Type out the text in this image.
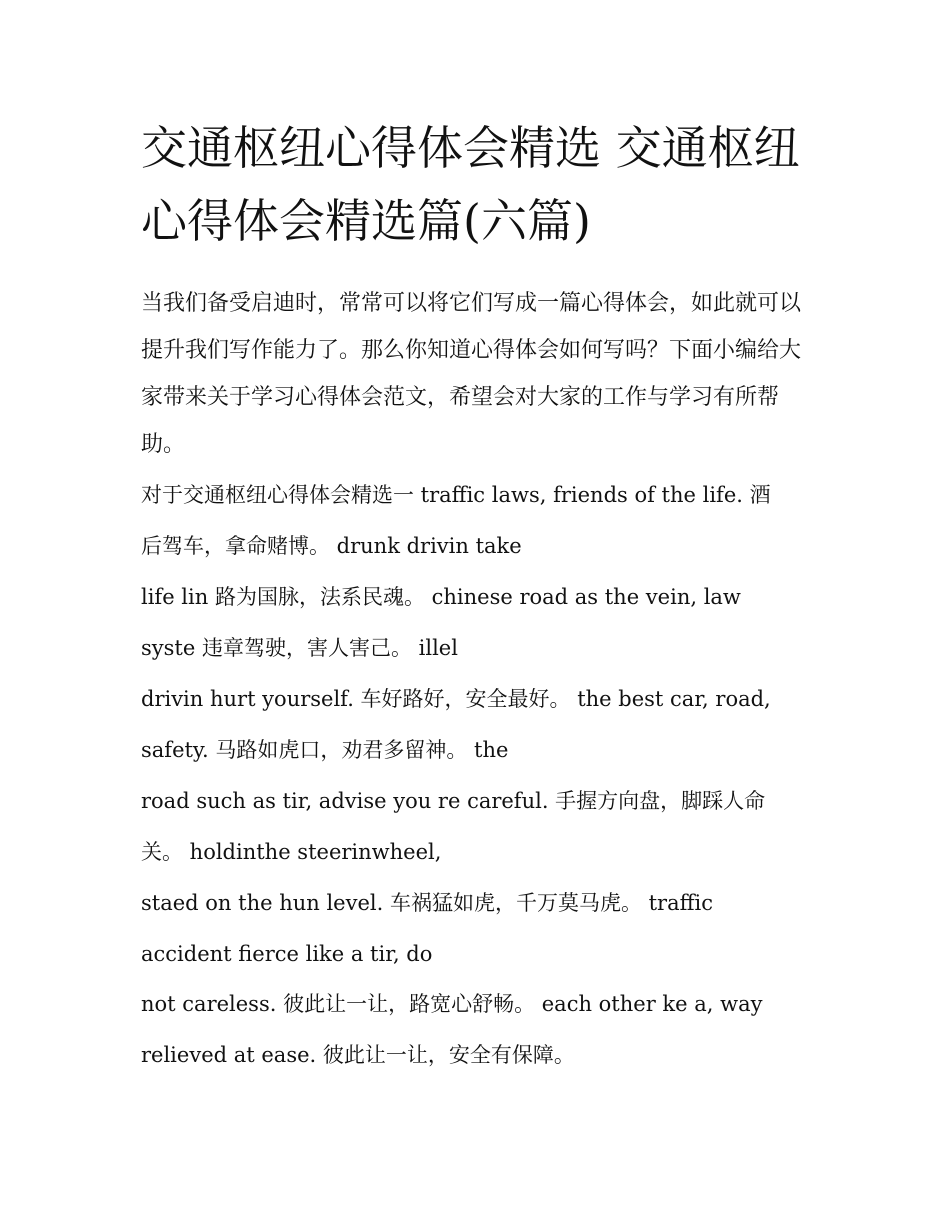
交通枢纽心得体会精选 交通枢纽心得体会精选篇(六篇)

当我们备受启迪时，常常可以将它们写成一篇心得体会，如此就可以提升我们写作能力了。那么你知道心得体会如何写吗？下面小编给大家带来关于学习心得体会范文，希望会对大家的工作与学习有所帮助。

对于交通枢纽心得体会精选一 traffic laws, friends of the life. 酒
后驾车，拿命赌博。 drunk drivin take
life lin 路为国脉，法系民魂。 chinese road as the vein, law
syste 违章驾驶，害人害己。 illel
drivin hurt yourself. 车好路好，安全最好。 the best car, road,
safety. 马路如虎口，劝君多留神。 the
road such as tir, advise you re careful. 手握方向盘，脚踩人命
关。 holdinthe steerinwheel,
staed on the hun level. 车祸猛如虎，千万莫马虎。 traffic
accident fierce like a tir, do
not careless. 彼此让一让，路宽心舒畅。 each other ke a, way
relieved at ease. 彼此让一让，安全有保障。
